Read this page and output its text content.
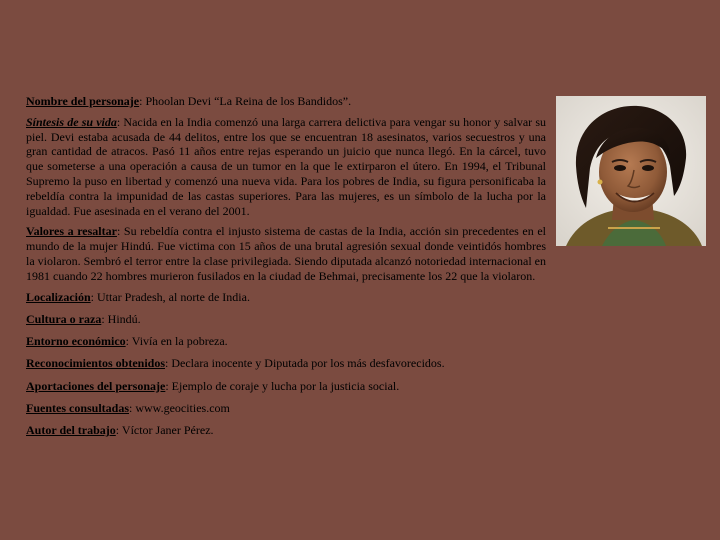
Nombre del personaje: Phoolan Devi “La Reina de los Bandidos”.

Síntesis de su vida: Nacida en la India comenzó una larga carrera delictiva para vengar su honor y salvar su piel. Devi estaba acusada de 44 delitos, entre los que se encuentran 18 asesinatos, varios secuestros y una gran cantidad de atracos. Pasó 11 años entre rejas esperando un juicio que nunca llegó. En la cárcel, tuvo que someterse a una operación a causa de un tumor en la que le extirparon el útero. En 1994, el Tribunal Supremo la puso en libertad y comenzó una nueva vida. Para los pobres de India, su figura personificaba la rebeldía contra la impunidad de las castas superiores. Para las mujeres, es un símbolo de la lucha por la igualdad. Fue asesinada en el verano del 2001.

Valores a resaltar: Su rebeldía contra el injusto sistema de castas de la India, acción sin precedentes en el mundo de la mujer Hindú. Fue victima con 15 años de una brutal agresión sexual donde veintidós hombres la violaron. Sembró el terror entre la clase privilegiada. Siendo diputada alcanzó notoriedad internacional en 1981 cuando 22 hombres murieron fusilados en la ciudad de Behmai, precisamente los 22 que la violaron.

Localización: Uttar Pradesh, al norte de India.

Cultura o raza: Hindú.

Entorno económico: Vivía en la pobreza.

Reconocimientos obtenidos: Declara inocente y Diputada por los más desfavorecidos.

Aportaciones del personaje: Ejemplo de coraje y lucha por la justicia social.

Fuentes consultadas: www.geocities.com

Autor del trabajo: Víctor Janer Pérez.
